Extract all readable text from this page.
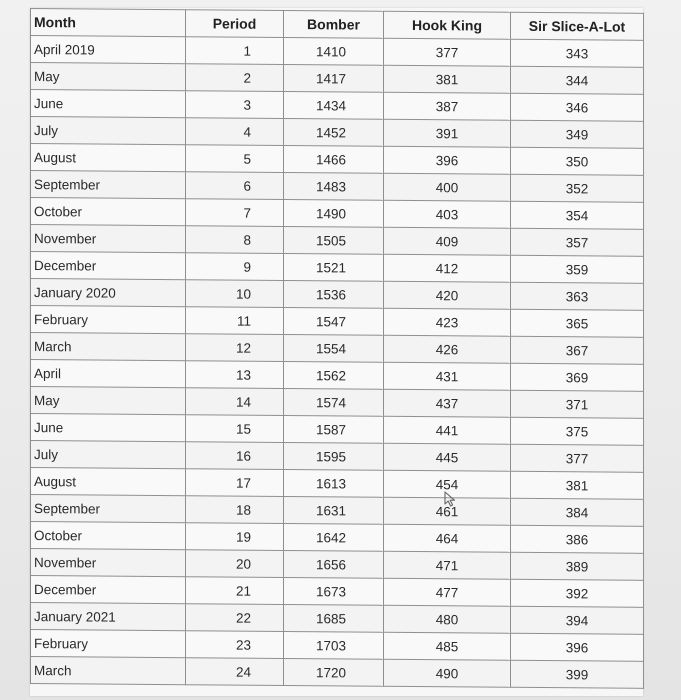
Month	Period	Bomber	Hook King	Sir Slice-A-Lot
April 2019	1	1410	377	343
May	2	1417	381	344
June	3	1434	387	346
July	4	1452	391	349
August	5	1466	396	350
September	6	1483	400	352
October	7	1490	403	354
November	8	1505	409	357
December	9	1521	412	359
January 2020	10	1536	420	363
February	11	1547	423	365
March	12	1554	426	367
April	13	1562	431	369
May	14	1574	437	371
June	15	1587	441	375
July	16	1595	445	377
August	17	1613	454	381
September	18	1631	461	384
October	19	1642	464	386
November	20	1656	471	389
December	21	1673	477	392
January 2021	22	1685	480	394
February	23	1703	485	396
March	24	1720	490	399
